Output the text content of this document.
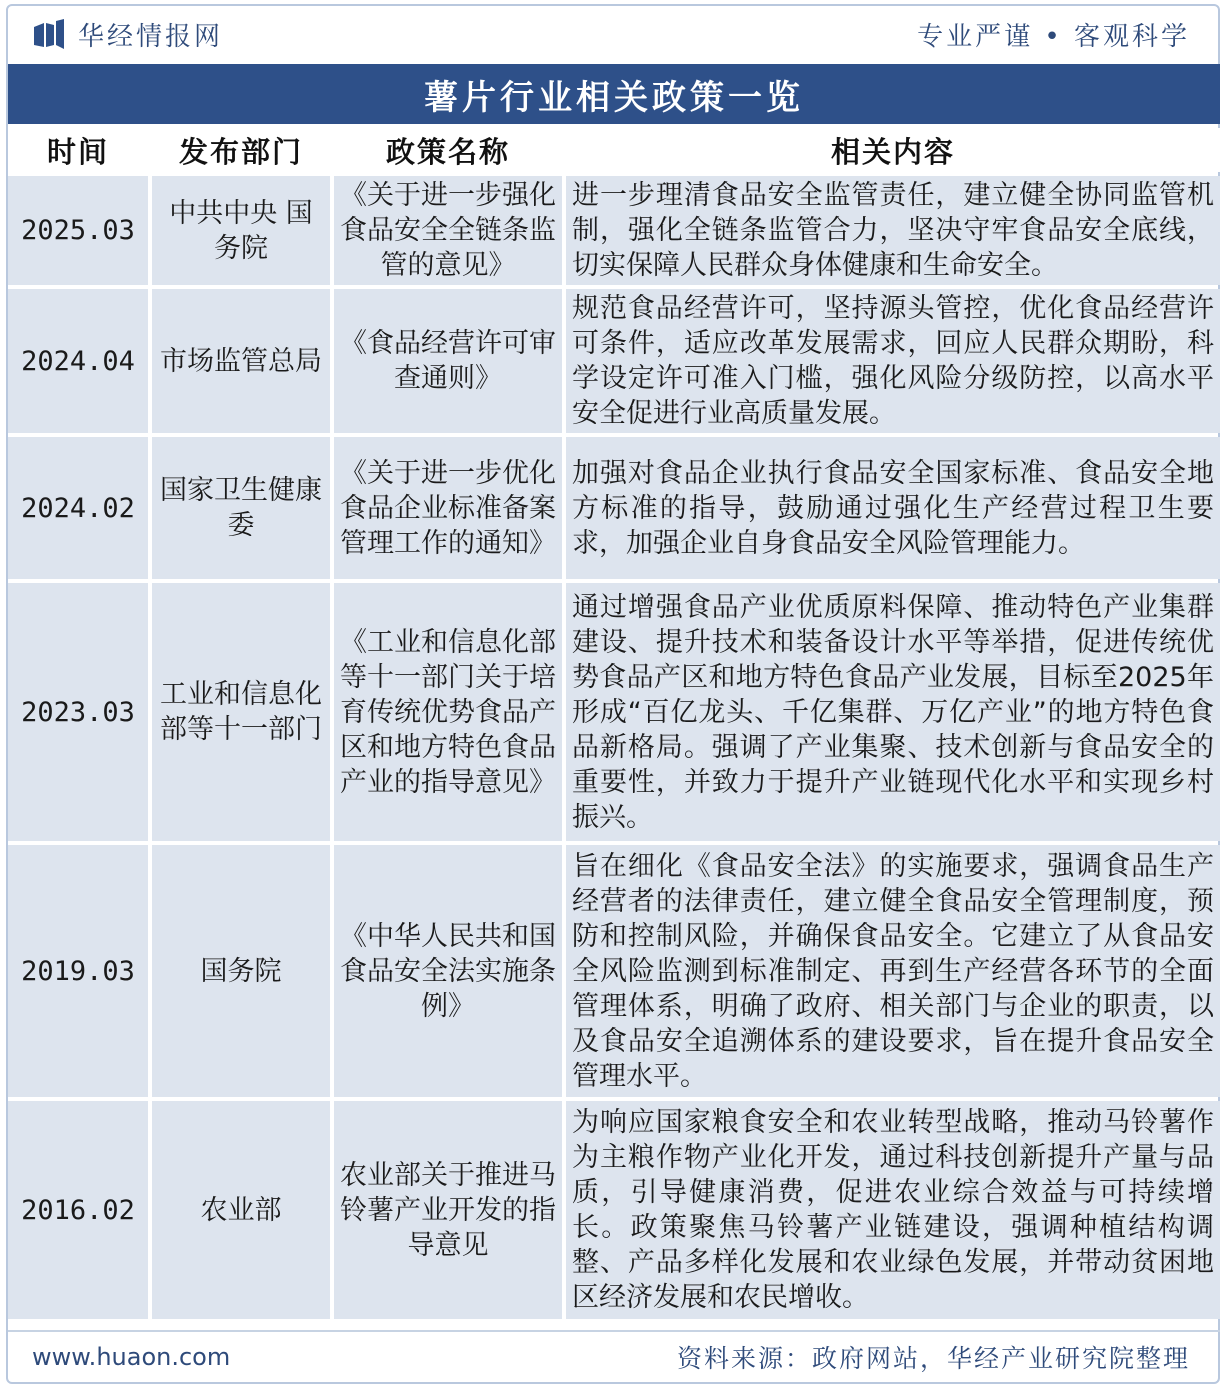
华经情报网	专业严谨 • 客观科学
薯片行业相关政策一览
时间	发布部门	政策名称	相关内容
2025.03	中共中央 国务院	《关于进一步强化食品安全全链条监管的意见》	进一步理清食品安全监管责任，建立健全协同监管机制，强化全链条监管合力，坚决守牢食品安全底线，切实保障人民群众身体健康和生命安全。
2024.04	市场监管总局	《食品经营许可审查通则》	规范食品经营许可，坚持源头管控，优化食品经营许可条件，适应改革发展需求，回应人民群众期盼，科学设定许可准入门槛，强化风险分级防控，以高水平安全促进行业高质量发展。
2024.02	国家卫生健康委	《关于进一步优化食品企业标准备案管理工作的通知》	加强对食品企业执行食品安全国家标准、食品安全地方标准的指导，鼓励通过强化生产经营过程卫生要求，加强企业自身食品安全风险管理能力。
2023.03	工业和信息化部等十一部门	《工业和信息化部等十一部门关于培育传统优势食品产区和地方特色食品产业的指导意见》	通过增强食品产业优质原料保障、推动特色产业集群建设、提升技术和装备设计水平等举措，促进传统优势食品产区和地方特色食品产业发展，目标至2025年形成“百亿龙头、千亿集群、万亿产业”的地方特色食品新格局。强调了产业集聚、技术创新与食品安全的重要性，并致力于提升产业链现代化水平和实现乡村振兴。
2019.03	国务院	《中华人民共和国食品安全法实施条例》	旨在细化《食品安全法》的实施要求，强调食品生产经营者的法律责任，建立健全食品安全管理制度，预防和控制风险，并确保食品安全。它建立了从食品安全风险监测到标准制定、再到生产经营各环节的全面管理体系，明确了政府、相关部门与企业的职责，以及食品安全追溯体系的建设要求，旨在提升食品安全管理水平。
2016.02	农业部	农业部关于推进马铃薯产业开发的指导意见	为响应国家粮食安全和农业转型战略，推动马铃薯作为主粮作物产业化开发，通过科技创新提升产量与品质，引导健康消费，促进农业综合效益与可持续增长。政策聚焦马铃薯产业链建设，强调种植结构调整、产品多样化发展和农业绿色发展，并带动贫困地区经济发展和农民增收。
www.huaon.com	资料来源：政府网站，华经产业研究院整理
